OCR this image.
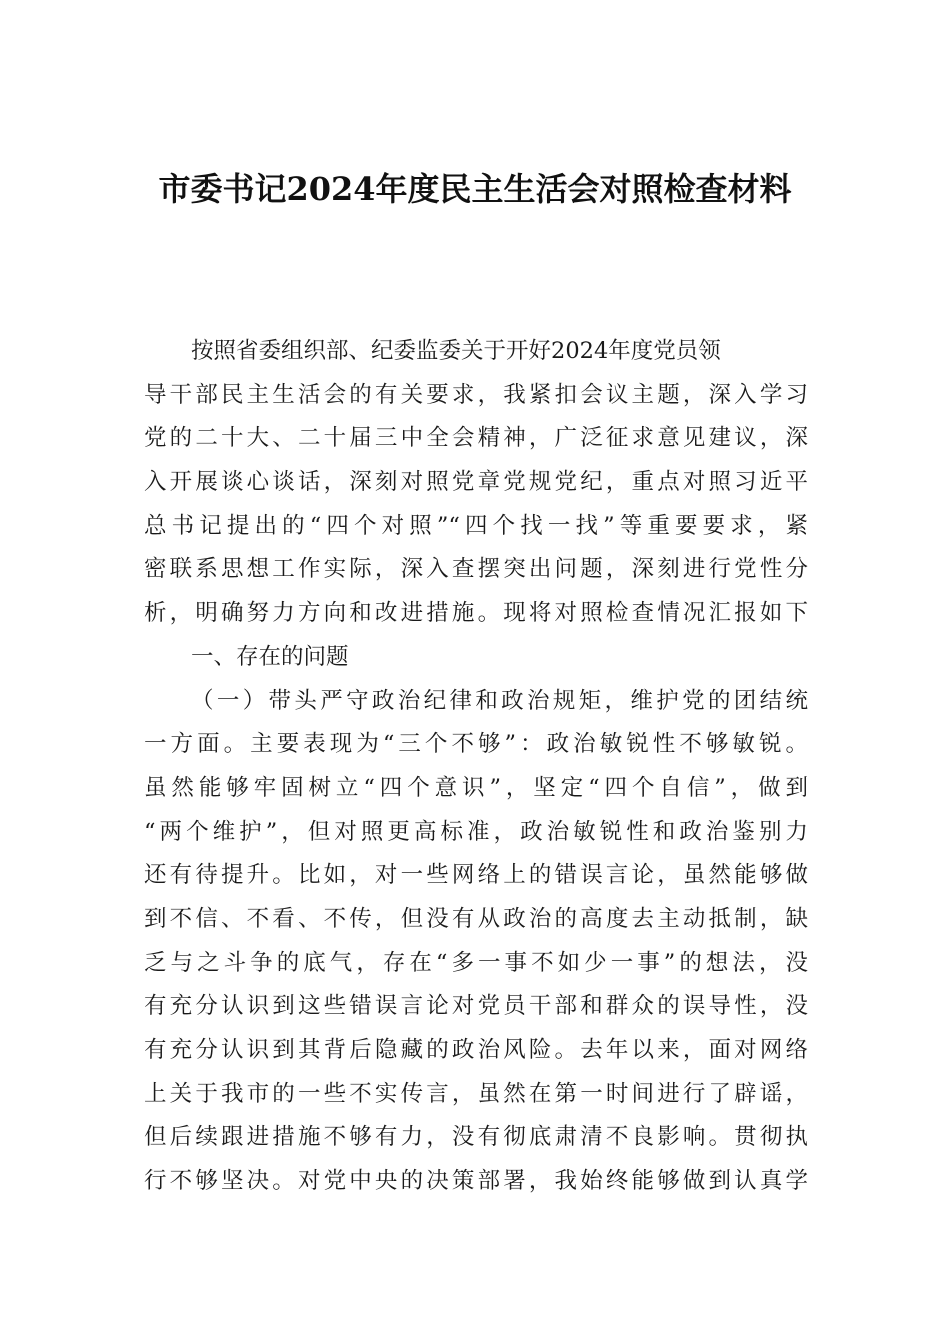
市委书记2024年度民主生活会对照检查材料
按照省委组织部、纪委监委关于开好2024年度党员领
导干部民主生活会的有关要求，我紧扣会议主题，深入学习
党的二十大、二十届三中全会精神，广泛征求意见建议，深
入开展谈心谈话，深刻对照党章党规党纪，重点对照习近平
总书记提出的“四个对照”“四个找一找”等重要要求，紧
密联系思想工作实际，深入查摆突出问题，深刻进行党性分
析，明确努力方向和改进措施。现将对照检查情况汇报如下
一、存在的问题
（一）带头严守政治纪律和政治规矩，维护党的团结统
一方面。主要表现为“三个不够”：政治敏锐性不够敏锐。
虽然能够牢固树立“四个意识”，坚定“四个自信”，做到
“两个维护”，但对照更高标准，政治敏锐性和政治鉴别力
还有待提升。比如，对一些网络上的错误言论，虽然能够做
到不信、不看、不传，但没有从政治的高度去主动抵制，缺
乏与之斗争的底气，存在“多一事不如少一事”的想法，没
有充分认识到这些错误言论对党员干部和群众的误导性，没
有充分认识到其背后隐藏的政治风险。去年以来，面对网络
上关于我市的一些不实传言，虽然在第一时间进行了辟谣，
但后续跟进措施不够有力，没有彻底肃清不良影响。贯彻执
行不够坚决。对党中央的决策部署，我始终能够做到认真学
